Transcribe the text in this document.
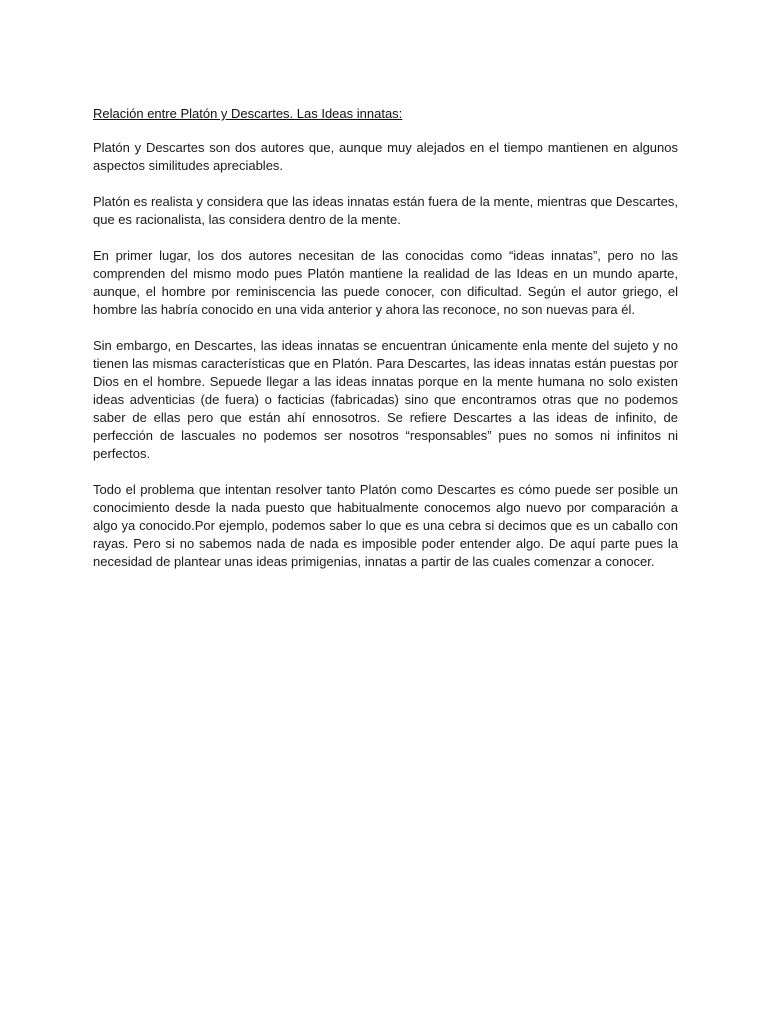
Relación entre Platón y Descartes. Las Ideas innatas:

Platón y Descartes son dos autores que, aunque muy alejados en el tiempo mantienen en algunos aspectos similitudes apreciables.

Platón es realista y considera que las ideas innatas están fuera de la mente, mientras que Descartes, que es racionalista, las considera dentro de la mente.

En primer lugar, los dos autores necesitan de las conocidas como “ideas innatas”, pero no las comprenden del mismo modo pues Platón mantiene la realidad de las Ideas en un mundo aparte, aunque, el hombre por reminiscencia las puede conocer, con dificultad. Según el autor griego, el hombre las habría conocido en una vida anterior y ahora las reconoce, no son nuevas para él.

Sin embargo, en Descartes, las ideas innatas se encuentran únicamente enla mente del sujeto y no tienen las mismas características que en Platón. Para Descartes, las ideas innatas están puestas por Dios en el hombre. Sepuede llegar a las ideas innatas porque en la mente humana no solo existen ideas adventicias (de fuera) o facticias (fabricadas) sino que encontramos otras que no podemos saber de ellas pero que están ahí ennosotros. Se refiere Descartes a las ideas de infinito, de perfección de lascuales no podemos ser nosotros “responsables” pues no somos ni infinitos ni perfectos.

Todo el problema que intentan resolver tanto Platón como Descartes es cómo puede ser posible un conocimiento desde la nada puesto que habitualmente conocemos algo nuevo por comparación a algo ya conocido.Por ejemplo, podemos saber lo que es una cebra si decimos que es un caballo con rayas. Pero si no sabemos nada de nada es imposible poder entender algo. De aquí parte pues la necesidad de plantear unas ideas primigenias, innatas a partir de las cuales comenzar a conocer.
